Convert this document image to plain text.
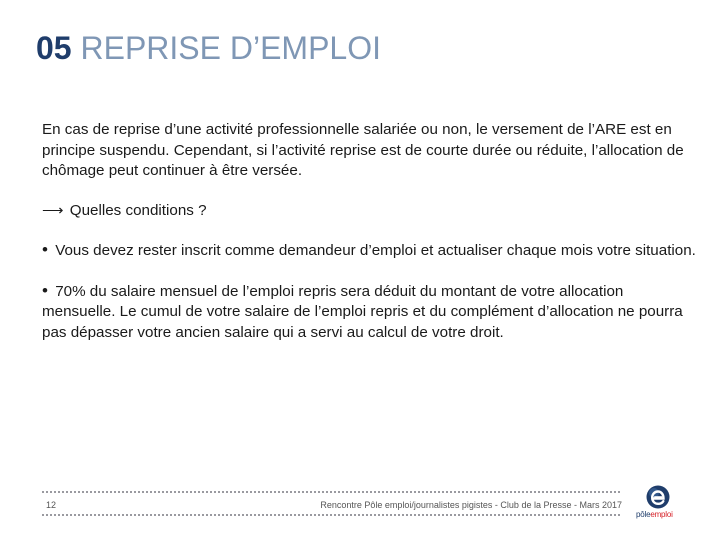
05 REPRISE D’EMPLOI

En cas de reprise d’une activité professionnelle salariée ou non, le versement de l’ARE est en principe suspendu. Cependant, si l’activité reprise est de courte durée ou réduite, l’allocation de chômage peut continuer à être versée.

⟶ Quelles conditions ?

• Vous devez rester inscrit comme demandeur d’emploi et actualiser chaque mois votre situation.

• 70% du salaire mensuel de l’emploi repris sera déduit du montant de votre allocation mensuelle. Le cumul de votre salaire de l’emploi repris et du complément d’allocation ne pourra pas dépasser votre ancien salaire qui a servi au calcul de votre droit.

12	Rencontre Pôle emploi/journalistes pigistes - Club de la Presse - Mars 2017
pôleemploi
